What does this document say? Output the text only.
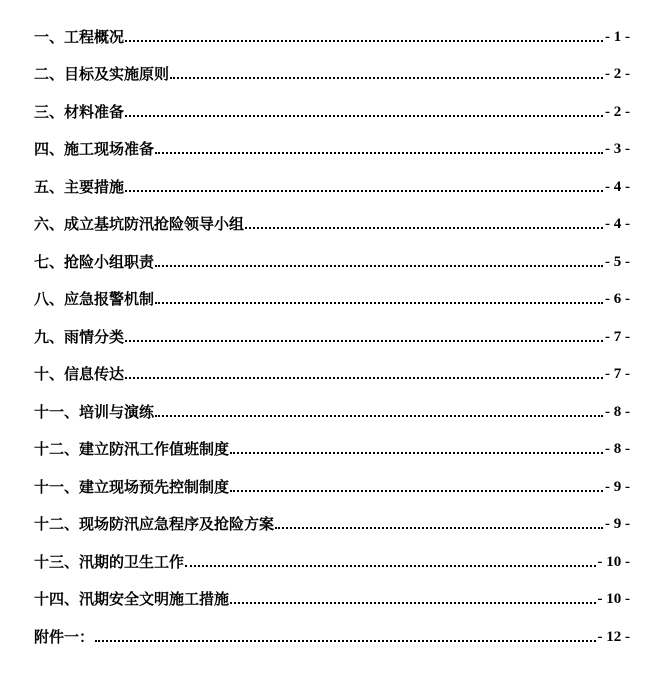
一、工程概况	- 1 -
二、目标及实施原则	- 2 -
三、材料准备	- 2 -
四、施工现场准备	- 3 -
五、主要措施	- 4 -
六、成立基坑防汛抢险领导小组	- 4 -
七、抢险小组职责	- 5 -
八、应急报警机制	- 6 -
九、雨情分类	- 7 -
十、信息传达	- 7 -
十一、培训与演练	- 8 -
十二、建立防汛工作值班制度	- 8 -
十一、建立现场预先控制制度	- 9 -
十二、现场防汛应急程序及抢险方案	- 9 -
十三、汛期的卫生工作	- 10 -
十四、汛期安全文明施工措施	- 10 -
附件一：	- 12 -
